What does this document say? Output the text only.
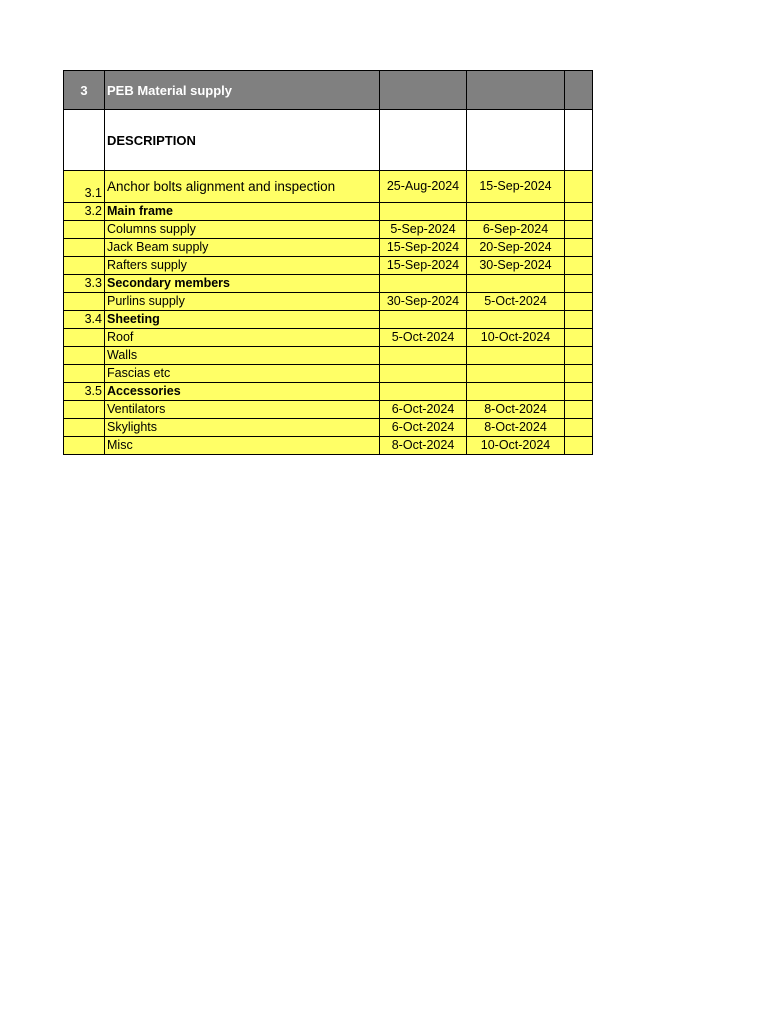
3	PEB Material supply			
	DESCRIPTION			
3.1	Anchor bolts alignment and inspection	25-Aug-2024	15-Sep-2024	
3.2	Main frame			
	Columns supply	5-Sep-2024	6-Sep-2024	
	Jack Beam supply	15-Sep-2024	20-Sep-2024	
	Rafters supply	15-Sep-2024	30-Sep-2024	
3.3	Secondary members			
	Purlins supply	30-Sep-2024	5-Oct-2024	
3.4	Sheeting			
	Roof	5-Oct-2024	10-Oct-2024	
	Walls			
	Fascias etc			
3.5	Accessories			
	Ventilators	6-Oct-2024	8-Oct-2024	
	Skylights	6-Oct-2024	8-Oct-2024	
	Misc	8-Oct-2024	10-Oct-2024	
